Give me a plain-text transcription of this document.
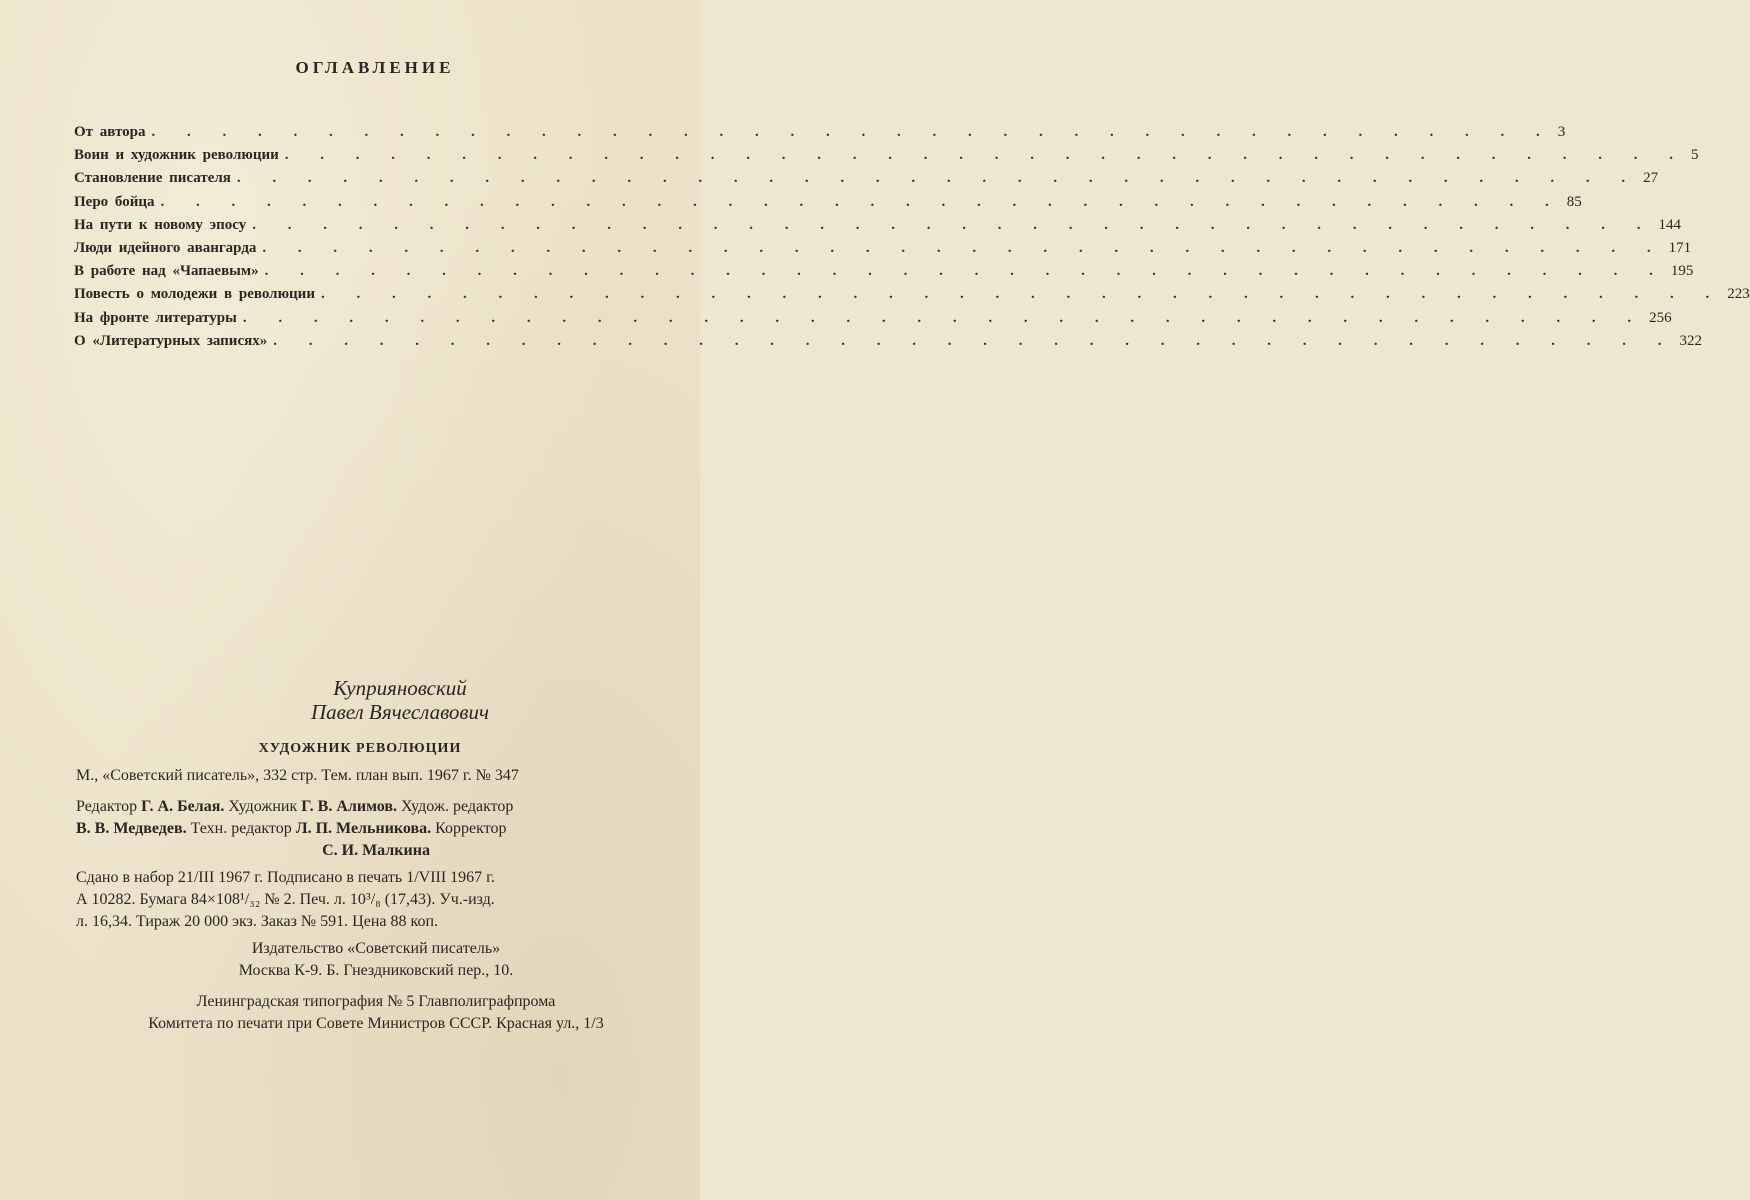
ОГЛАВЛЕНИЕ
От автора . . . . . . . . . . . . . . . . . . . . . . . . . . . . . . . . . . . . . . . . 3
Воин и художник революции . . . . . . . . . . . . . . . . . . . . . . . . . . . . . . . . . . . . . . . . 5
Становление писателя . . . . . . . . . . . . . . . . . . . . . . . . . . . . . . . . . . . . . . . . 27
Перо бойца . . . . . . . . . . . . . . . . . . . . . . . . . . . . . . . . . . . . . . . . 85
На пути к новому эпосу . . . . . . . . . . . . . . . . . . . . . . . . . . . . . . . . . . . . . . . . 144
Люди идейного авангарда . . . . . . . . . . . . . . . . . . . . . . . . . . . . . . . . . . . . . . . . 171
В работе над «Чапаевым» . . . . . . . . . . . . . . . . . . . . . . . . . . . . . . . . . . . . . . . . 195
Повесть о молодежи в революции . . . . . . . . . . . . . . . . . . . . . . . . . . . . . . . . . . . . . . . . 223
На фронте литературы . . . . . . . . . . . . . . . . . . . . . . . . . . . . . . . . . . . . . . . . 256
О «Литературных записях» . . . . . . . . . . . . . . . . . . . . . . . . . . . . . . . . . . . . . . . . 322
Куприяновский
Павел Вячеславович
ХУДОЖНИК РЕВОЛЮЦИИ
М., «Советский писатель», 332 стр. Тем. план вып. 1967 г. № 347
Редактор Г. А. Белая. Художник Г. В. Алимов. Худож. редактор
В. В. Медведев. Техн. редактор Л. П. Мельникова. Корректор
С. И. Малкина
Сдано в набор 21/III 1967 г. Подписано в печать 1/VIII 1967 г.
А 10282. Бумага 84×108¹/₃₂ № 2. Печ. л. 10³/₈ (17,43). Уч.-изд.
л. 16,34. Тираж 20 000 экз. Заказ № 591. Цена 88 коп.
Издательство «Советский писатель»
Москва К-9. Б. Гнездниковский пер., 10.
Ленинградская типография № 5 Главполиграфпрома
Комитета по печати при Совете Министров СССР. Красная ул., 1/3
